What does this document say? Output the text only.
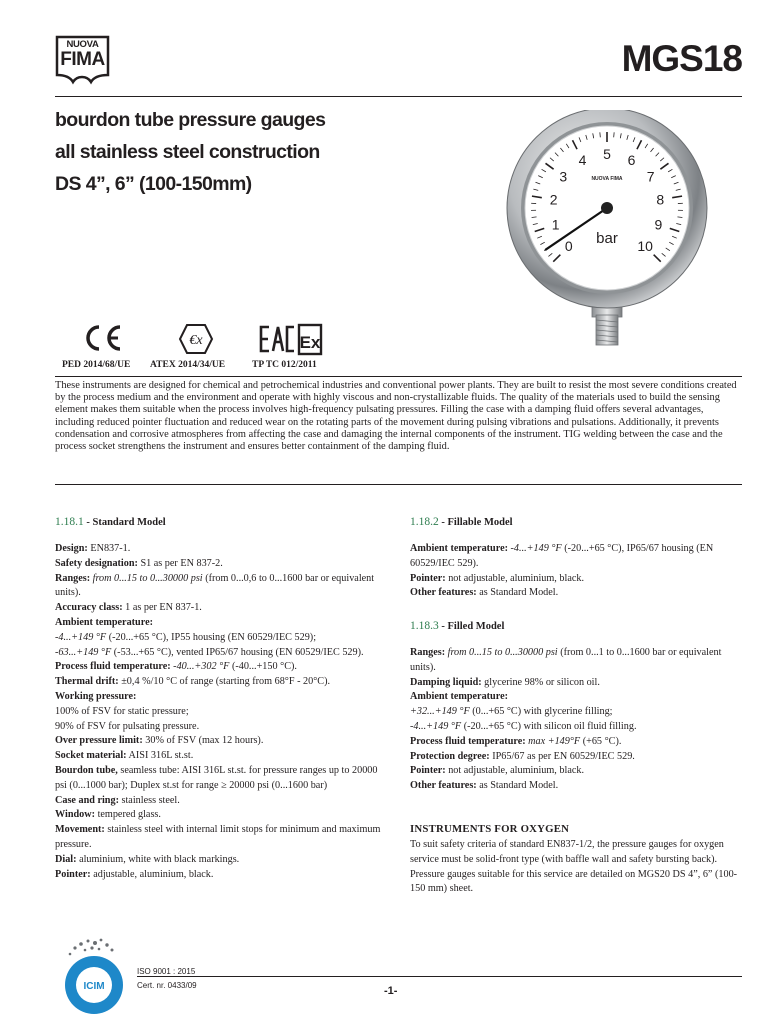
NUOVA
FIMA	MGS18
bourdon tube pressure gauges
all stainless steel construction
DS 4”, 6” (100-150mm)
0
1
2
3
4 5 6
7
8
9
10
bar
NUOVA FIMA
PED 2014/68/UE
€x
ATEX 2014/34/UE
Ex
TP TC 012/2011
These instruments are designed for chemical and petrochemical industries and conventional power plants. They are built to resist the most severe conditions created by the process medium and the environment and operate with highly viscous and non-crystallizable fluids. The quality of the materials used to build the sensing element makes them suitable when the process involves high-frequency pulsating pressures. Filling the case with a damping fluid offers several advantages, including reduced pointer fluctuation and reduced wear on the rotating parts of the movement during pulsing vibrations and pulsations. Additionally, it prevents condensation and corrosive atmospheres from affecting the case and damaging the internal components of the instrument. TIG welding between the case and the process socket strengthens the instrument and ensures better containment of the damping fluid.
1.18.1 - Standard Model

Design: EN837-1.

Safety designation: S1 as per EN 837-2.

Ranges: from 0...15 to 0...30000 psi (from 0...0,6 to 0...1600 bar or equivalent units).

Accuracy class: 1 as per EN 837-1.

Ambient temperature:

-4...+149 °F (-20...+65 °C), IP55 housing (EN 60529/IEC 529);

-63...+149 °F (-53...+65 °C), vented IP65/67 housing (EN 60529/IEC 529).

Process fluid temperature: -40...+302 °F (-40...+150 °C).

Thermal drift: ±0,4 %/10 °C of range (starting from 68°F - 20°C).

Working pressure:

100% of FSV for static pressure;

90% of FSV for pulsating pressure.

Over pressure limit: 30% of FSV (max 12 hours).

Socket material: AISI 316L st.st.

Bourdon tube, seamless tube: AISI 316L st.st. for pressure ranges up to 20000 psi (0...1000 bar); Duplex st.st for range ≥ 20000 psi (0...1600 bar)

Case and ring: stainless steel.

Window: tempered glass.

Movement: stainless steel with internal limit stops for minimum and maximum pressure.

Dial: aluminium, white with black markings.

Pointer: adjustable, aluminium, black.

1.18.2 - Fillable Model

Ambient temperature: -4...+149 °F (-20...+65 °C), IP65/67 housing (EN 60529/IEC 529).

Pointer: not adjustable, aluminium, black.

Other features: as Standard Model.

1.18.3 - Filled Model

Ranges: from 0...15 to 0...30000 psi (from 0...1 to 0...1600 bar or equivalent units).

Damping liquid: glycerine 98% or silicon oil.

Ambient temperature:

+32...+149 °F (0...+65 °C) with glycerine filling;

-4...+149 °F (-20...+65 °C) with silicon oil fluid filling.

Process fluid temperature: max +149°F (+65 °C).

Protection degree: IP65/67 as per EN 60529/IEC 529.

Pointer: not adjustable, aluminium, black.

Other features: as Standard Model.

INSTRUMENTS FOR OXYGEN

To suit safety criteria of standard EN837-1/2, the pressure gauges for oxygen service must be solid-front type (with baffle wall and safety bursting back).

Pressure gauges suitable for this service are detailed on MGS20 DS 4”, 6” (100-150 mm) sheet.

ICIM
ISO 9001 : 2015
Cert. nr. 0433/09	-1-
